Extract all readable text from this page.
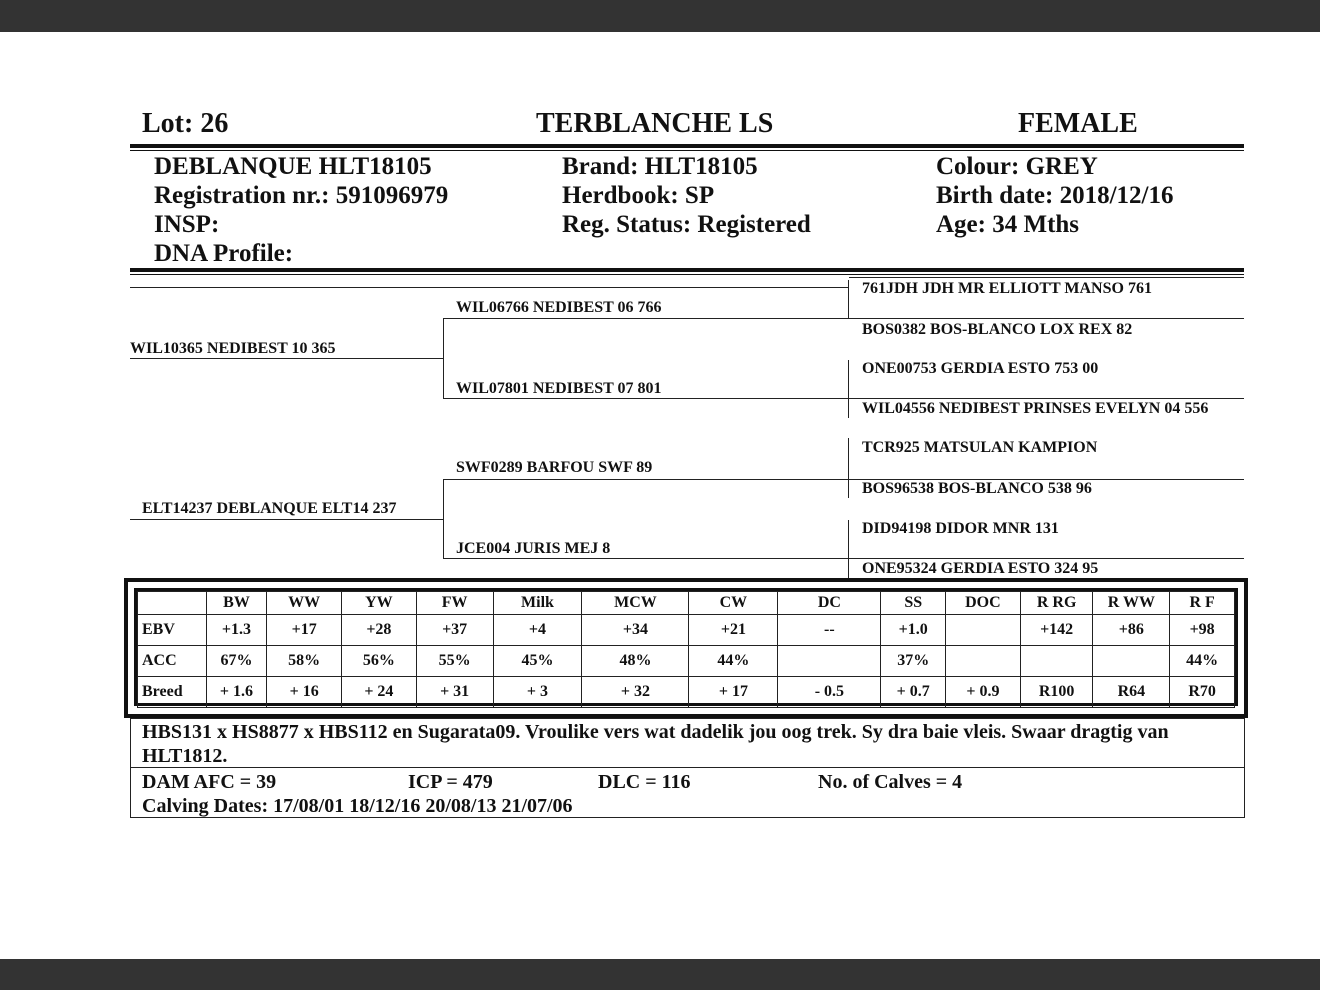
Lot: 26	TERBLANCHE LS	FEMALE
DEBLANQUE HLT18105
Registration nr.: 591096979
INSP:
DNA Profile:
Brand: HLT18105
Herdbook: SP
Reg. Status: Registered
Colour: GREY
Birth date: 2018/12/16
Age: 34 Mths
WIL10365 NEDIBEST 10 365
WIL06766 NEDIBEST 06 766
WIL07801 NEDIBEST 07 801
ELT14237 DEBLANQUE ELT14 237
SWF0289 BARFOU SWF 89
JCE004 JURIS MEJ 8
761JDH JDH MR ELLIOTT MANSO 761
BOS0382 BOS-BLANCO LOX REX 82
ONE00753 GERDIA ESTO 753 00
WIL04556 NEDIBEST PRINSES EVELYN 04 556
TCR925 MATSULAN KAMPION
BOS96538 BOS-BLANCO 538 96
DID94198 DIDOR MNR 131
ONE95324 GERDIA ESTO 324 95
	BW	WW	YW	FW	Milk	MCW	CW	DC	SS	DOC	R RG	R WW	R F
EBV	+1.3	+17	+28	+37	+4	+34	+21	--	+1.0		+142	+86	+98
ACC	67%	58%	56%	55%	45%	48%	44%		37%				44%
Breed	+ 1.6	+ 16	+ 24	+ 31	+ 3	+ 32	+ 17	- 0.5	+ 0.7	+ 0.9	R100	R64	R70
HBS131 x HS8877 x HBS112 en Sugarata09. Vroulike vers wat dadelik jou oog trek. Sy dra baie vleis. Swaar dragtig van HLT1812.
DAM AFC = 39	ICP = 479	DLC = 116	No. of Calves = 4
Calving Dates: 17/08/01 18/12/16 20/08/13 21/07/06
